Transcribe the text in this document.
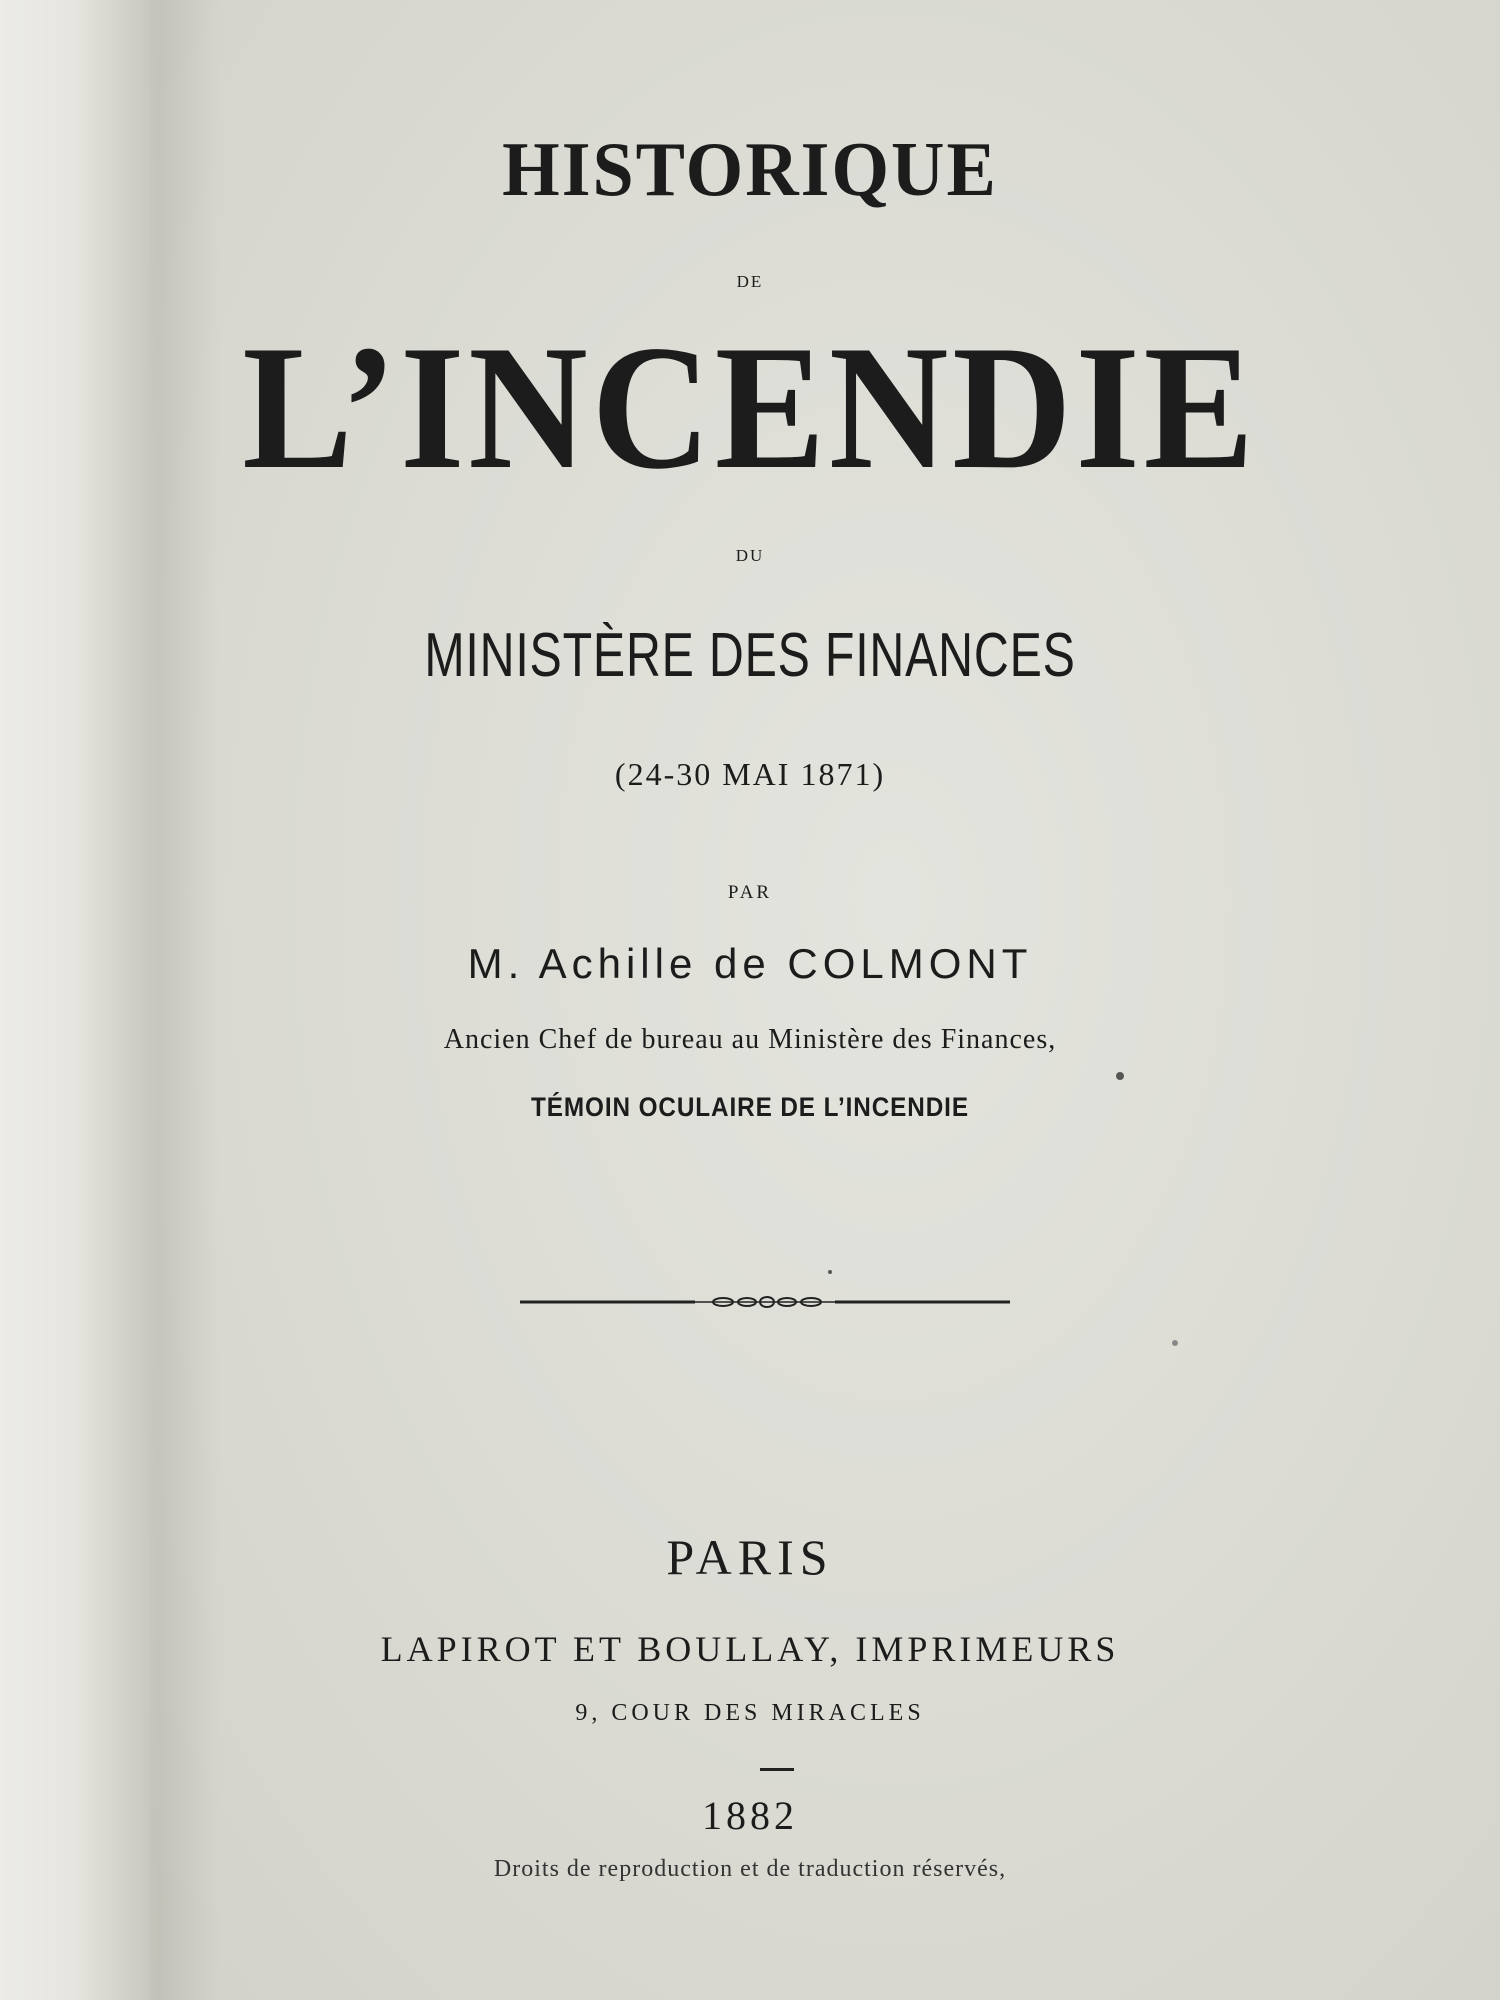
HISTORIQUE
DE
L’INCENDIE
DU
MINISTÈRE DES FINANCES
(24-30 MAI 1871)
PAR
M. Achille de COLMONT
Ancien Chef de bureau au Ministère des Finances,
TÉMOIN OCULAIRE DE L’INCENDIE
PARIS
LAPIROT ET BOULLAY, IMPRIMEURS
9, COUR DES MIRACLES
1882
Droits de reproduction et de traduction réservés,
